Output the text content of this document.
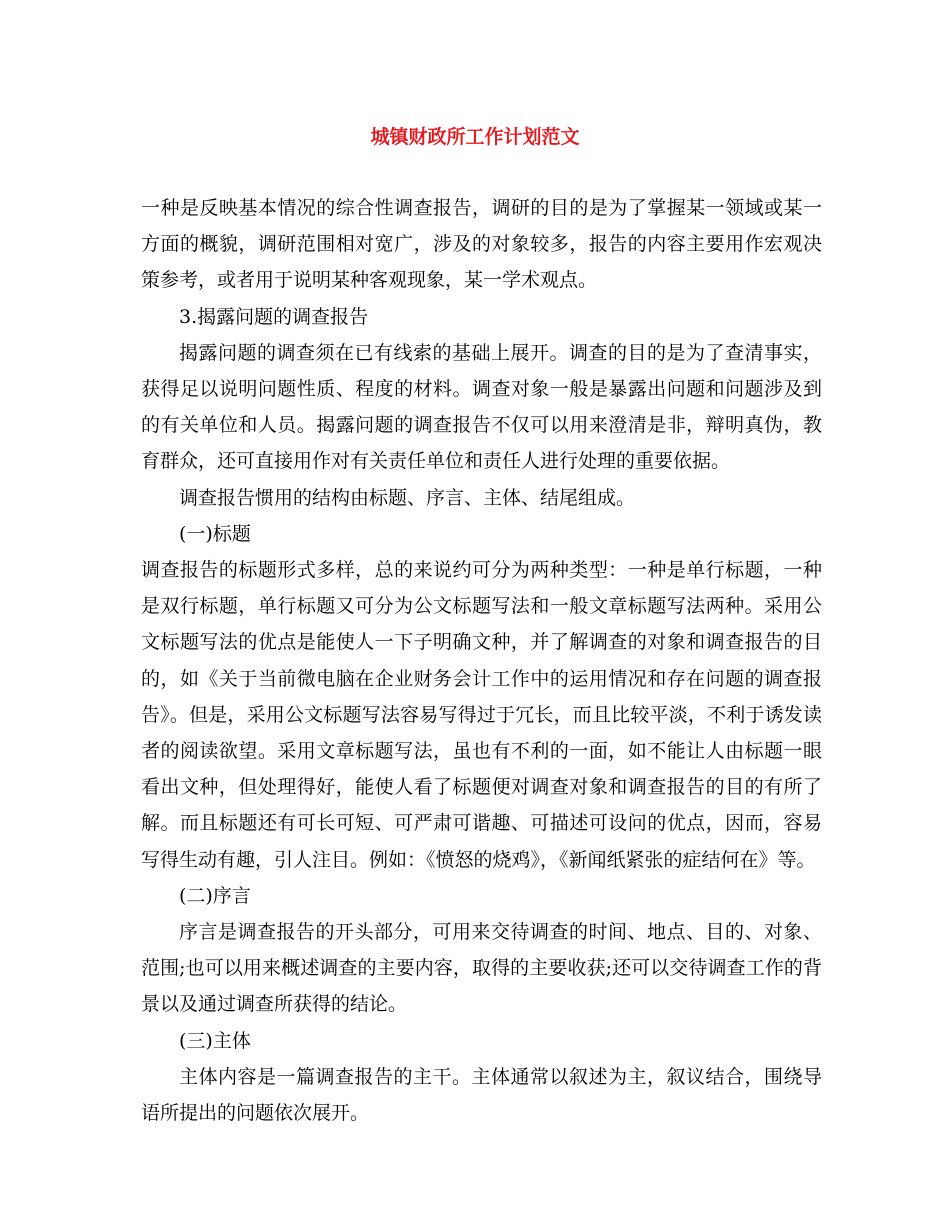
城镇财政所工作计划范文

一种是反映基本情况的综合性调查报告，调研的目的是为了掌握某一领域或某一方面的概貌，调研范围相对宽广，涉及的对象较多，报告的内容主要用作宏观决策参考，或者用于说明某种客观现象，某一学术观点。

3.揭露问题的调查报告

揭露问题的调查须在已有线索的基础上展开。调查的目的是为了查清事实，获得足以说明问题性质、程度的材料。调查对象一般是暴露出问题和问题涉及到的有关单位和人员。揭露问题的调查报告不仅可以用来澄清是非，辩明真伪，教育群众，还可直接用作对有关责任单位和责任人进行处理的重要依据。

调查报告惯用的结构由标题、序言、主体、结尾组成。

(一)标题

调查报告的标题形式多样，总的来说约可分为两种类型：一种是单行标题，一种是双行标题，单行标题又可分为公文标题写法和一般文章标题写法两种。采用公文标题写法的优点是能使人一下子明确文种，并了解调查的对象和调查报告的目的，如《关于当前微电脑在企业财务会计工作中的运用情况和存在问题的调查报告》。但是，采用公文标题写法容易写得过于冗长，而且比较平淡，不利于诱发读者的阅读欲望。采用文章标题写法，虽也有不利的一面，如不能让人由标题一眼看出文种，但处理得好，能使人看了标题便对调查对象和调查报告的目的有所了解。而且标题还有可长可短、可严肃可谐趣、可描述可设问的优点，因而，容易写得生动有趣，引人注目。例如：《愤怒的烧鸡》，《新闻纸紧张的症结何在》等。

(二)序言

序言是调查报告的开头部分，可用来交待调查的时间、地点、目的、对象、范围;也可以用来概述调查的主要内容，取得的主要收获;还可以交待调查工作的背景以及通过调查所获得的结论。

(三)主体

主体内容是一篇调查报告的主干。主体通常以叙述为主，叙议结合，围绕导语所提出的问题依次展开。
